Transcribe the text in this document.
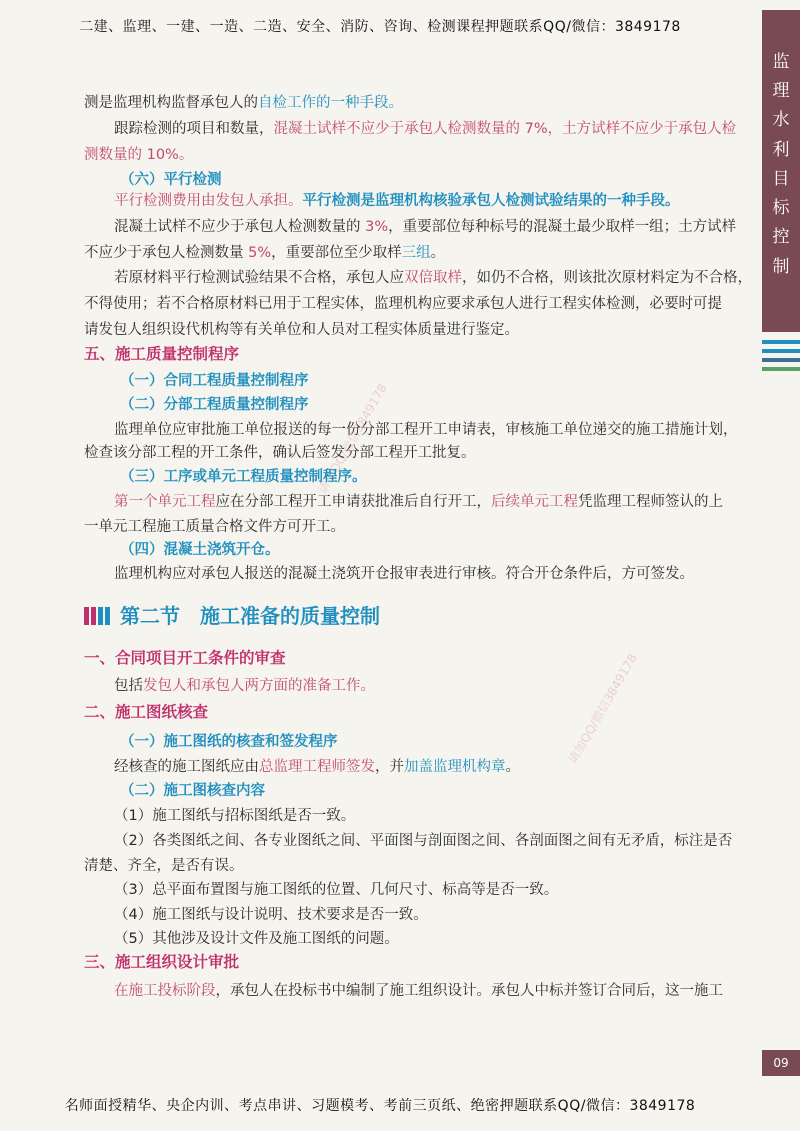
二建、监理、一建、一造、二造、安全、消防、咨询、检测课程押题联系QQ/微信：3849178
监
理
水
利
目
标
控
制
09
请加QQ/微信3849178
请加QQ/微信3849178
测是监理机构监督承包人的自检工作的一种手段。
跟踪检测的项目和数量，混凝土试样不应少于承包人检测数量的 7%，土方试样不应少于承包人检
测数量的 10%。
（六）平行检测
平行检测费用由发包人承担。平行检测是监理机构核验承包人检测试验结果的一种手段。
混凝土试样不应少于承包人检测数量的 3%，重要部位每种标号的混凝土最少取样一组；土方试样
不应少于承包人检测数量 5%，重要部位至少取样三组。
若原材料平行检测试验结果不合格，承包人应双倍取样，如仍不合格，则该批次原材料定为不合格，
不得使用；若不合格原材料已用于工程实体，监理机构应要求承包人进行工程实体检测，必要时可提
请发包人组织设代机构等有关单位和人员对工程实体质量进行鉴定。
五、施工质量控制程序
（一）合同工程质量控制程序
（二）分部工程质量控制程序
监理单位应审批施工单位报送的每一份分部工程开工申请表，审核施工单位递交的施工措施计划，
检查该分部工程的开工条件，确认后签发分部工程开工批复。
（三）工序或单元工程质量控制程序。
第一个单元工程应在分部工程开工申请获批准后自行开工，后续单元工程凭监理工程师签认的上
一单元工程施工质量合格文件方可开工。
（四）混凝土浇筑开仓。
监理机构应对承包人报送的混凝土浇筑开仓报审表进行审核。符合开仓条件后，方可签发。
第二节　施工准备的质量控制
一、合同项目开工条件的审查
包括发包人和承包人两方面的准备工作。
二、施工图纸核查
（一）施工图纸的核查和签发程序
经核查的施工图纸应由总监理工程师签发，并加盖监理机构章。
（二）施工图核查内容
（1）施工图纸与招标图纸是否一致。
（2）各类图纸之间、各专业图纸之间、平面图与剖面图之间、各剖面图之间有无矛盾，标注是否
清楚、齐全，是否有误。
（3）总平面布置图与施工图纸的位置、几何尺寸、标高等是否一致。
（4）施工图纸与设计说明、技术要求是否一致。
（5）其他涉及设计文件及施工图纸的问题。
三、施工组织设计审批
在施工投标阶段，承包人在投标书中编制了施工组织设计。承包人中标并签订合同后，这一施工
名师面授精华、央企内训、考点串讲、习题模考、考前三页纸、绝密押题联系QQ/微信：3849178
